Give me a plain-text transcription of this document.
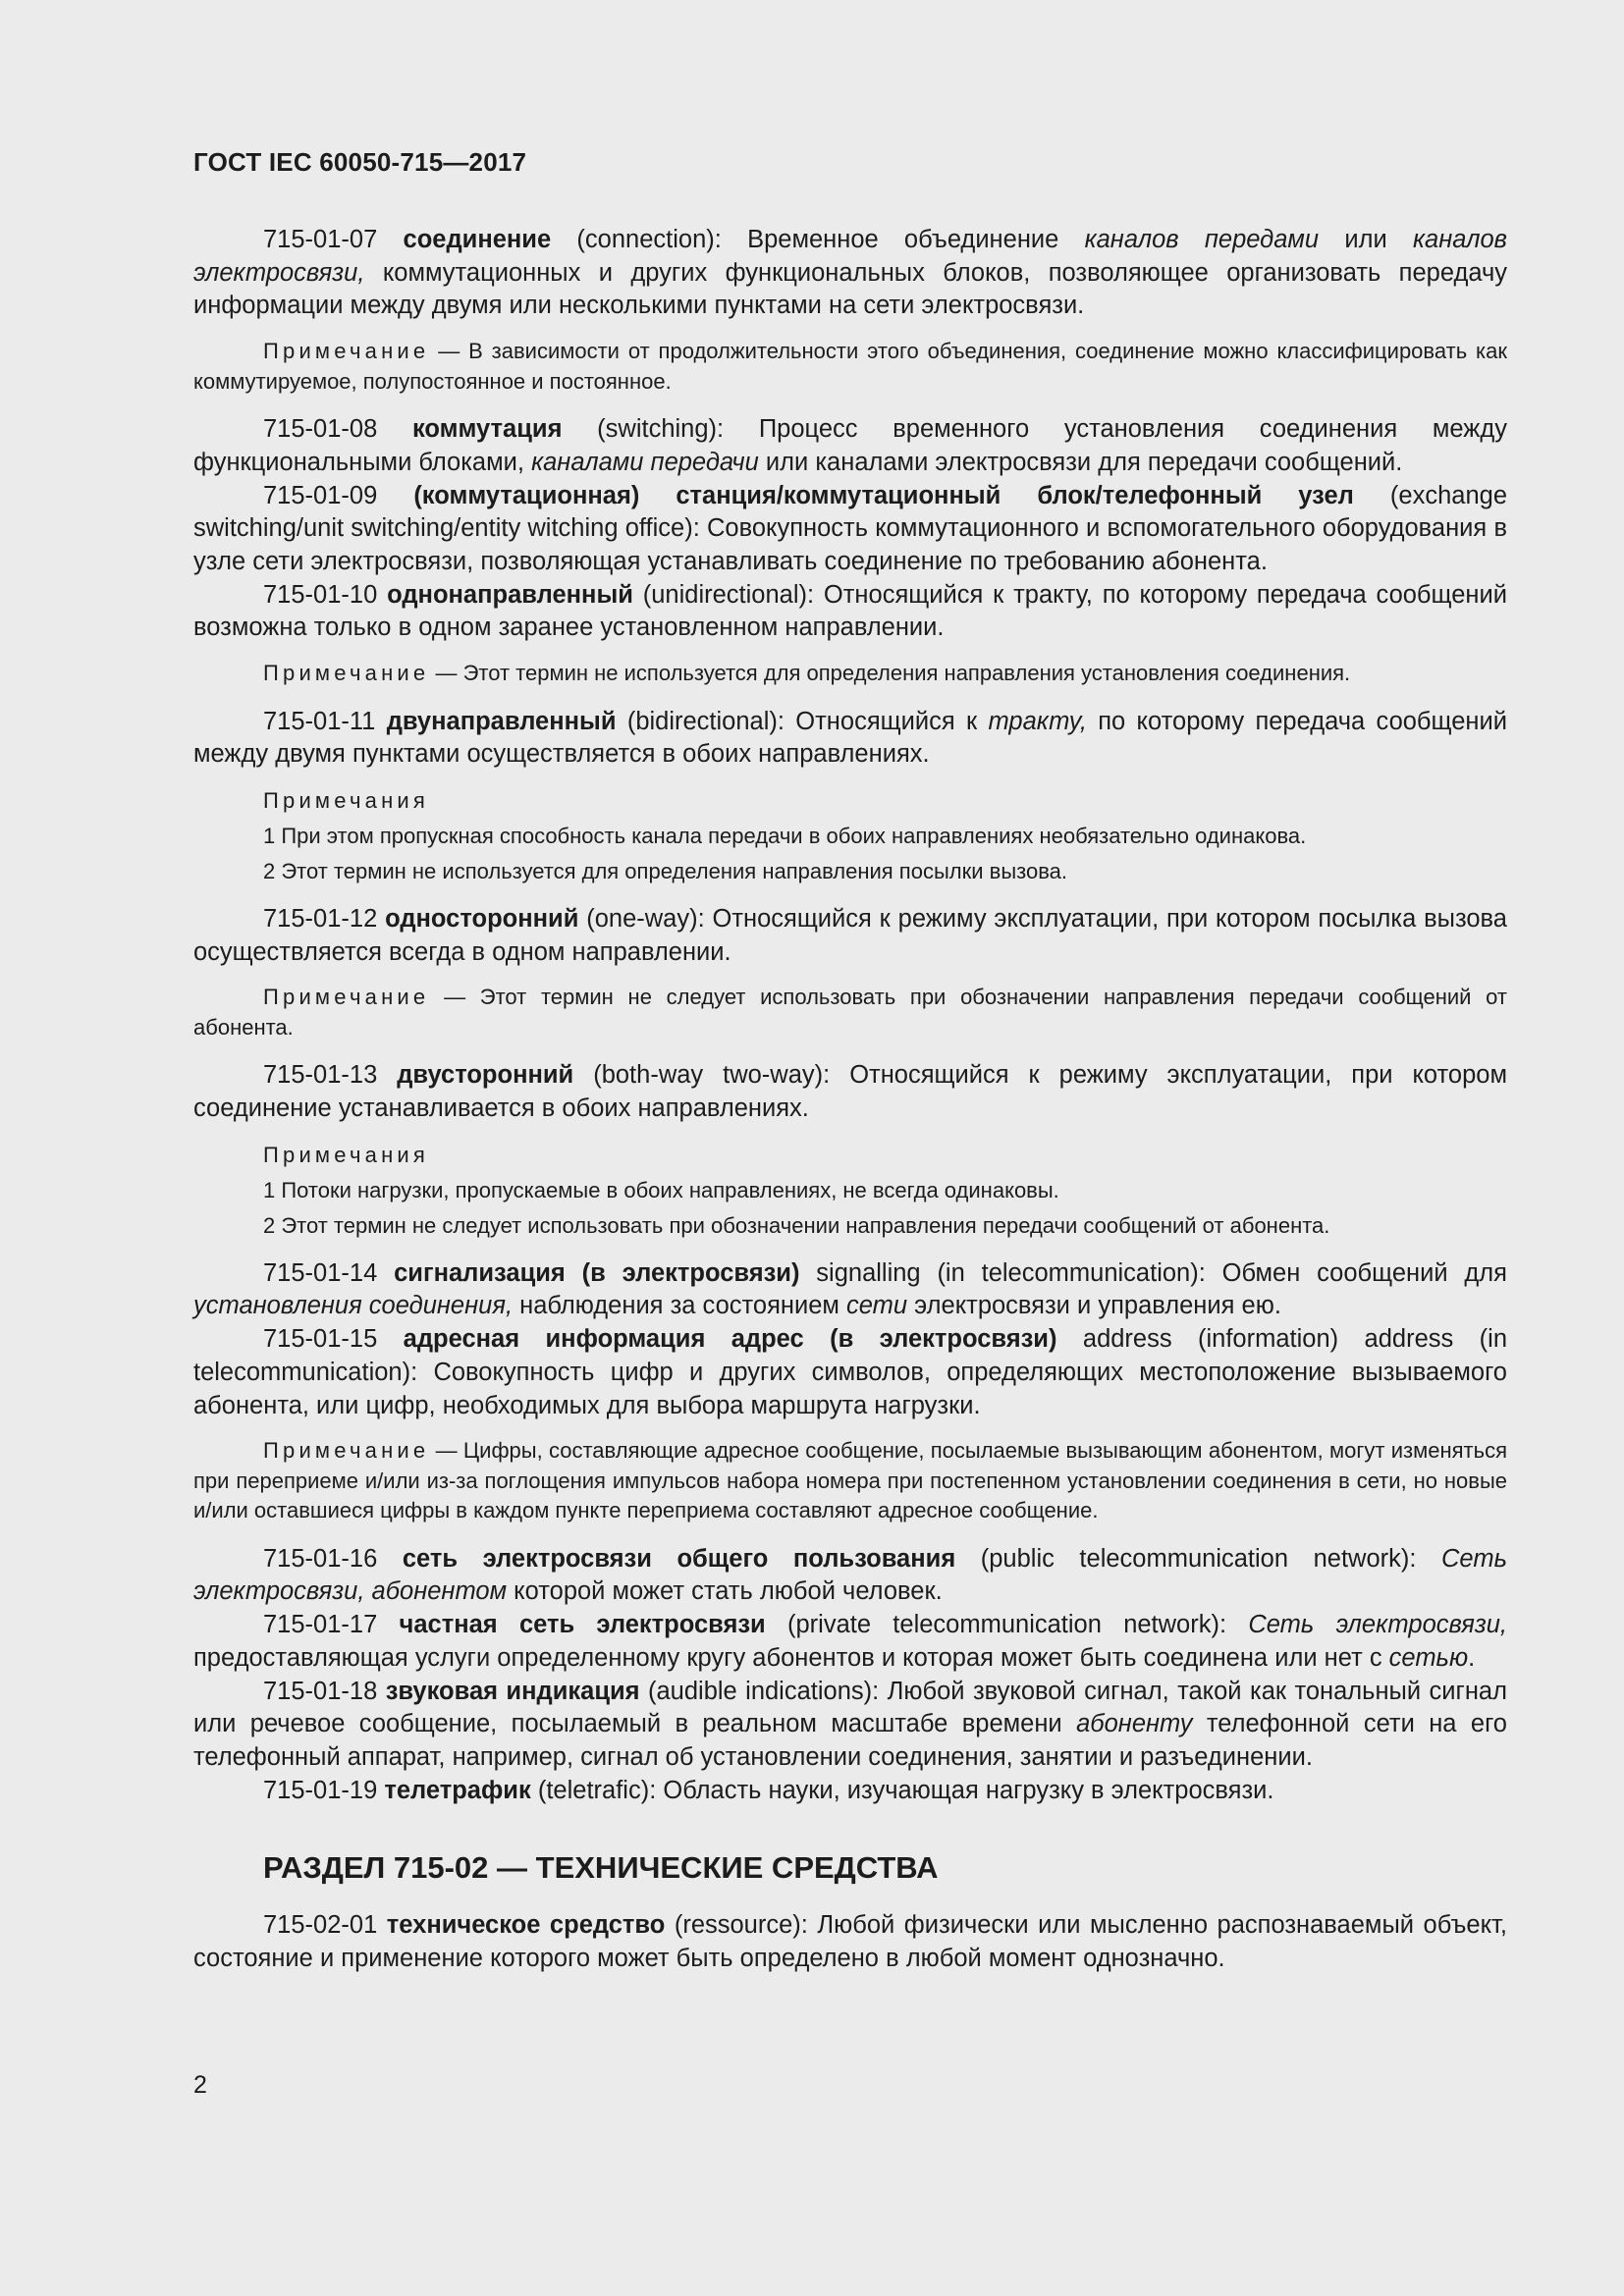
ГОСТ IEC 60050-715—2017

715-01-07 соединение (connection): Временное объединение каналов передами или каналов электросвязи, коммутационных и других функциональных блоков, позволяющее организовать передачу информации между двумя или несколькими пунктами на сети электросвязи.

Примечание — В зависимости от продолжительности этого объединения, соединение можно классифицировать как коммутируемое, полупостоянное и постоянное.

715-01-08 коммутация (switching): Процесс временного установления соединения между функциональными блоками, каналами передачи или каналами электросвязи для передачи сообщений.

715-01-09 (коммутационная) станция/коммутационный блок/телефонный узел (exchange switching/unit switching/entity witching office): Совокупность коммутационного и вспомогательного оборудования в узле сети электросвязи, позволяющая устанавливать соединение по требованию абонента.

715-01-10 однонаправленный (unidirectional): Относящийся к тракту, по которому передача сообщений возможна только в одном заранее установленном направлении.

Примечание — Этот термин не используется для определения направления установления соединения.

715-01-11 двунаправленный (bidirectional): Относящийся к тракту, по которому передача сообщений между двумя пунктами осуществляется в обоих направлениях.

Примечания

1 При этом пропускная способность канала передачи в обоих направлениях необязательно одинакова.

2 Этот термин не используется для определения направления посылки вызова.

715-01-12 односторонний (one-way): Относящийся к режиму эксплуатации, при котором посылка вызова осуществляется всегда в одном направлении.

Примечание — Этот термин не следует использовать при обозначении направления передачи сообщений от абонента.

715-01-13 двусторонний (both-way two-way): Относящийся к режиму эксплуатации, при котором соединение устанавливается в обоих направлениях.

Примечания

1 Потоки нагрузки, пропускаемые в обоих направлениях, не всегда одинаковы.

2 Этот термин не следует использовать при обозначении направления передачи сообщений от абонента.

715-01-14 сигнализация (в электросвязи) signalling (in telecommunication): Обмен сообщений для установления соединения, наблюдения за состоянием сети электросвязи и управления ею.

715-01-15 адресная информация адрес (в электросвязи) address (information) address (in telecommunication): Совокупность цифр и других символов, определяющих местоположение вызываемого абонента, или цифр, необходимых для выбора маршрута нагрузки.

Примечание — Цифры, составляющие адресное сообщение, посылаемые вызывающим абонентом, могут изменяться при переприеме и/или из-за поглощения импульсов набора номера при постепенном установлении соединения в сети, но новые и/или оставшиеся цифры в каждом пункте переприема составляют адресное сообщение.

715-01-16 сеть электросвязи общего пользования (public telecommunication network): Сеть электросвязи, абонентом которой может стать любой человек.

715-01-17 частная сеть электросвязи (private telecommunication network): Сеть электросвязи, предоставляющая услуги определенному кругу абонентов и которая может быть соединена или нет с сетью.

715-01-18 звуковая индикация (audible indications): Любой звуковой сигнал, такой как тональный сигнал или речевое сообщение, посылаемый в реальном масштабе времени абоненту телефонной сети на его телефонный аппарат, например, сигнал об установлении соединения, занятии и разъединении.

715-01-19 телетрафик (teletrafic): Область науки, изучающая нагрузку в электросвязи.

РАЗДЕЛ 715-02 — ТЕХНИЧЕСКИЕ СРЕДСТВА

715-02-01 техническое средство (ressource): Любой физически или мысленно распознаваемый объект, состояние и применение которого может быть определено в любой момент однозначно.

2
